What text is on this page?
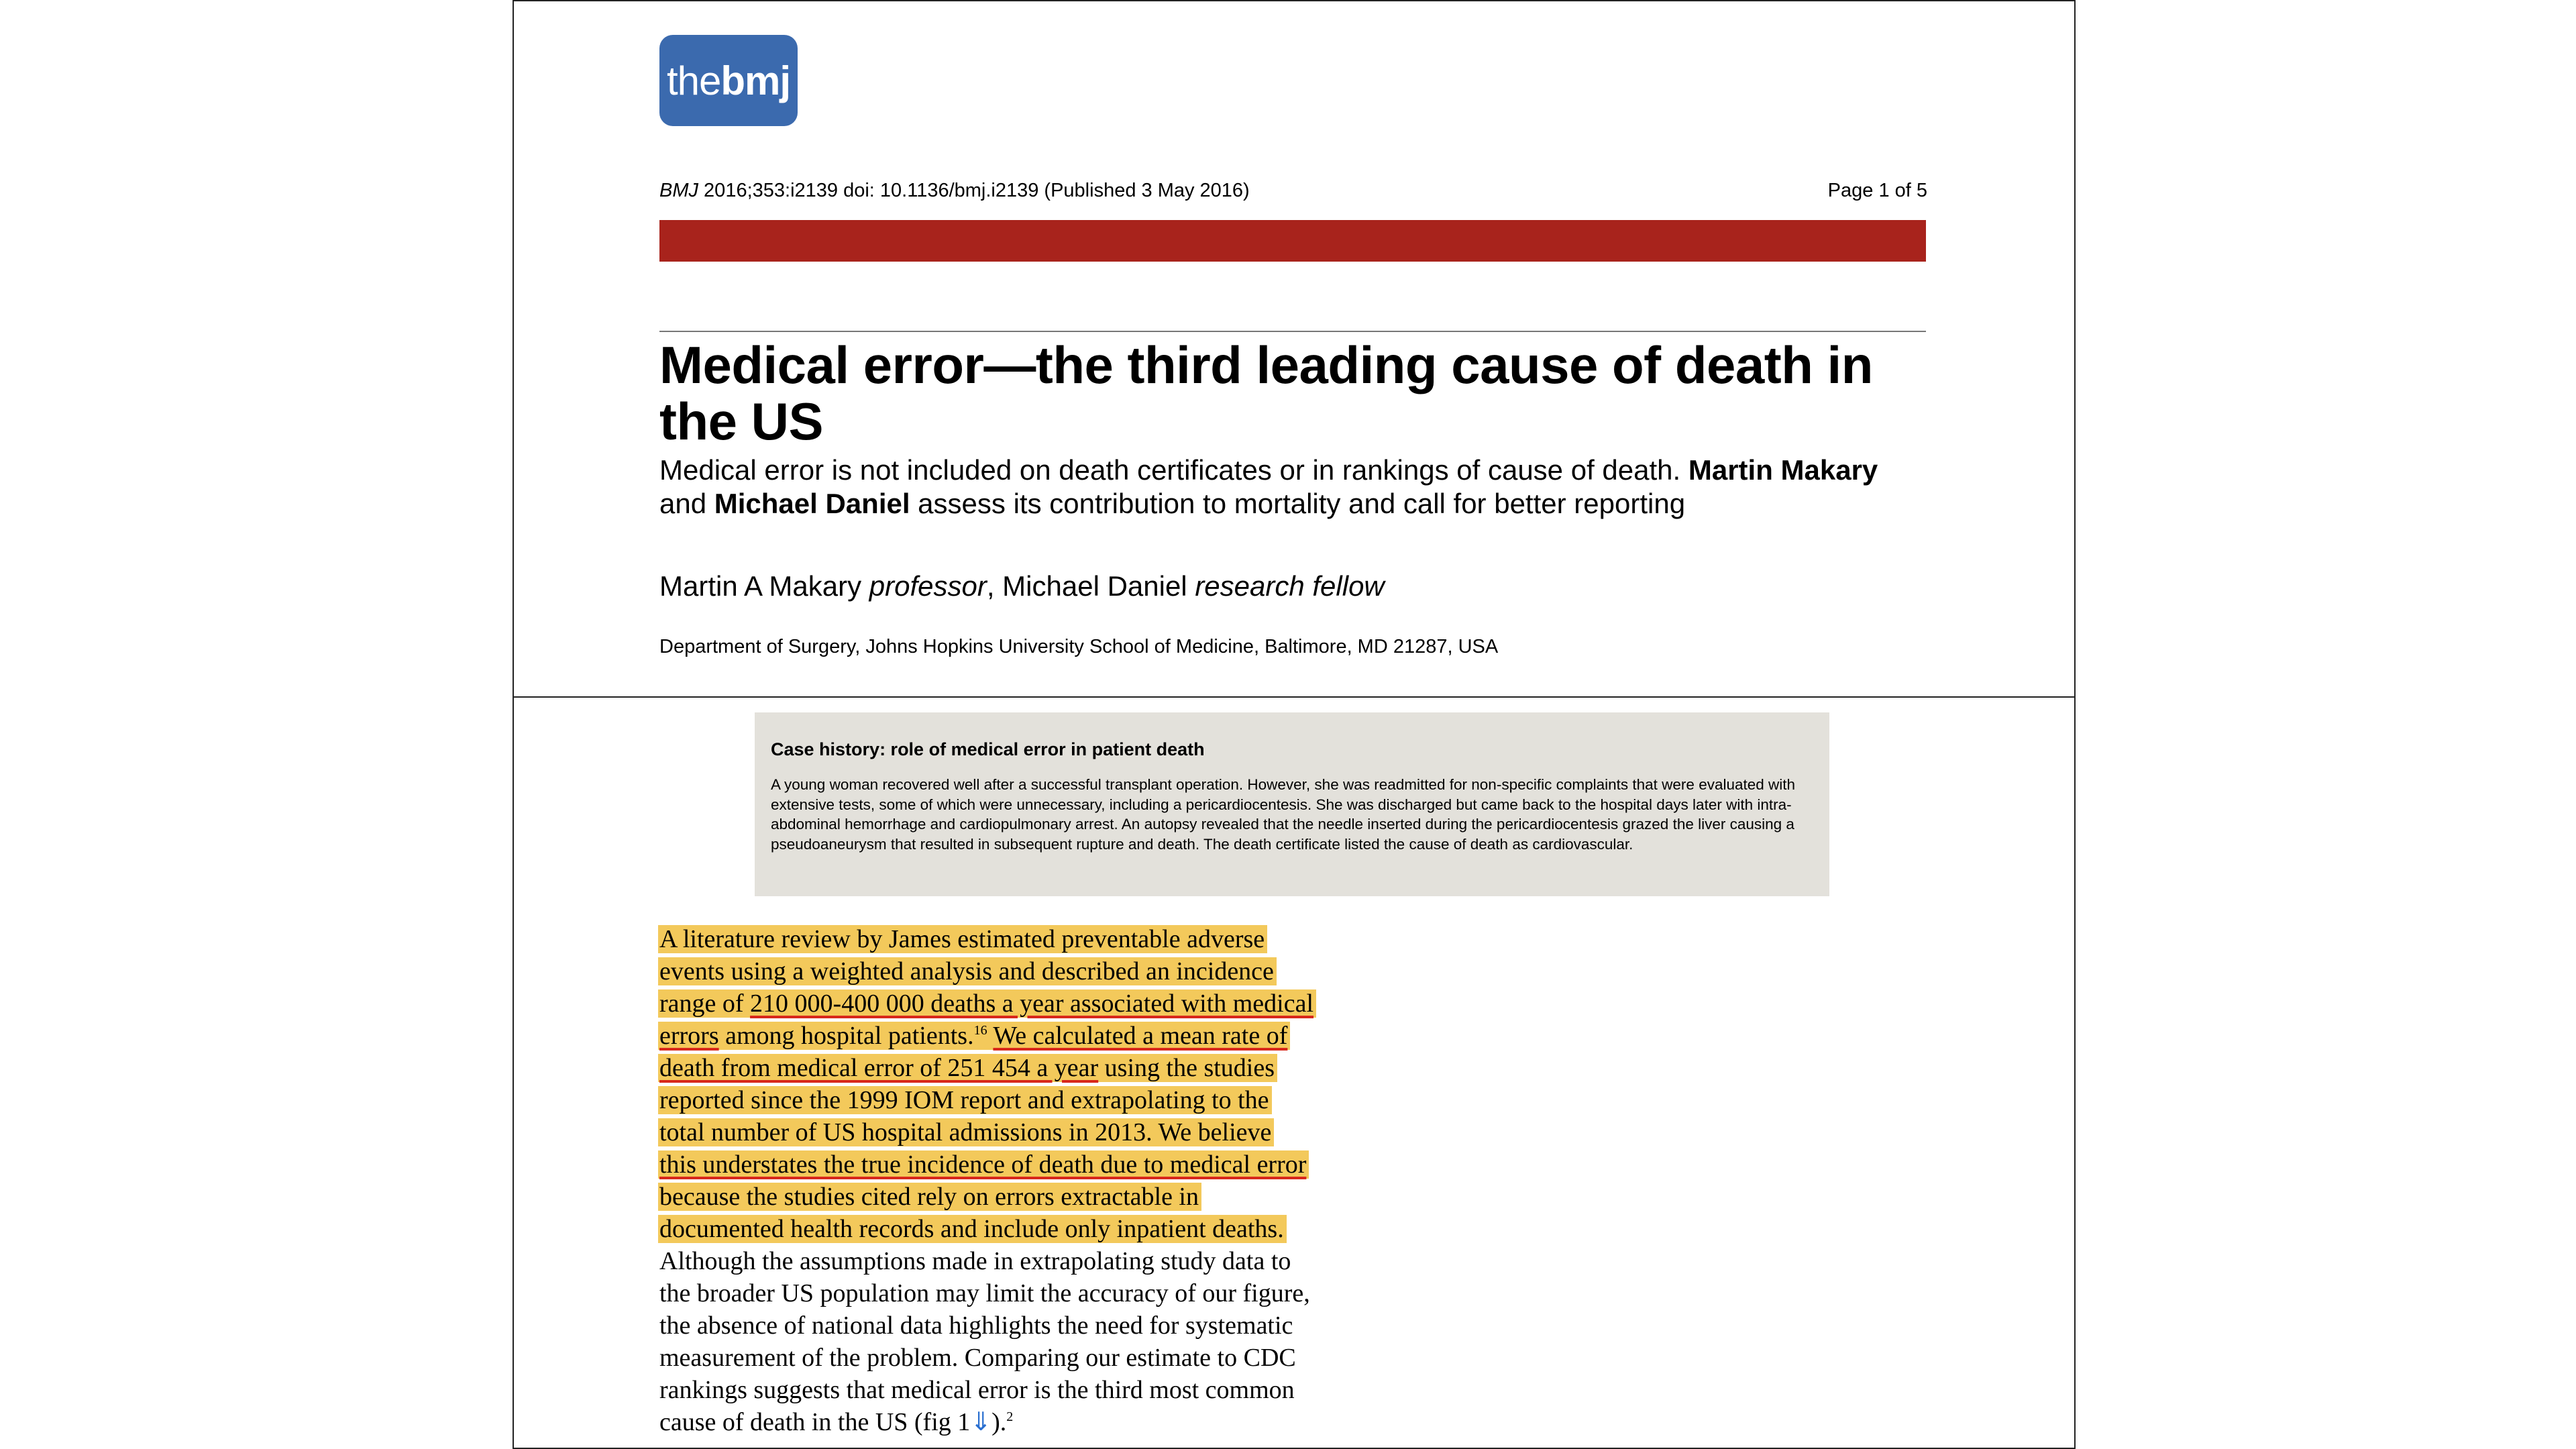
the bmj
BMJ 2016;353:i2139 doi: 10.1136/bmj.i2139 (Published 3 May 2016)	Page 1 of 5
Medical error—the third leading cause of death in the US
Medical error is not included on death certificates or in rankings of cause of death. Martin Makary and Michael Daniel assess its contribution to mortality and call for better reporting
Martin A Makary professor, Michael Daniel research fellow
Department of Surgery, Johns Hopkins University School of Medicine, Baltimore, MD 21287, USA

Case history: role of medical error in patient death

A young woman recovered well after a successful transplant operation. However, she was readmitted for non-specific complaints that were evaluated with extensive tests, some of which were unnecessary, including a pericardiocentesis. She was discharged but came back to the hospital days later with intra-abdominal hemorrhage and cardiopulmonary arrest. An autopsy revealed that the needle inserted during the pericardiocentesis grazed the liver causing a pseudoaneurysm that resulted in subsequent rupture and death. The death certificate listed the cause of death as cardiovascular.

A literature review by James estimated preventable adverse
events using a weighted analysis and described an incidence
range of 210 000-400 000 deaths a year associated with medical
errors among hospital patients.$^{16}$ We calculated a mean rate of
death from medical error of 251 454 a year using the studies
reported since the 1999 IOM report and extrapolating to the
total number of US hospital admissions in 2013. We believe
this understates the true incidence of death due to medical error
because the studies cited rely on errors extractable in
documented health records and include only inpatient deaths.
Although the assumptions made in extrapolating study data to
the broader US population may limit the accuracy of our figure,
the absence of national data highlights the need for systematic
measurement of the problem. Comparing our estimate to CDC
rankings suggests that medical error is the third most common
cause of death in the US (fig 1⇓).$^2$
